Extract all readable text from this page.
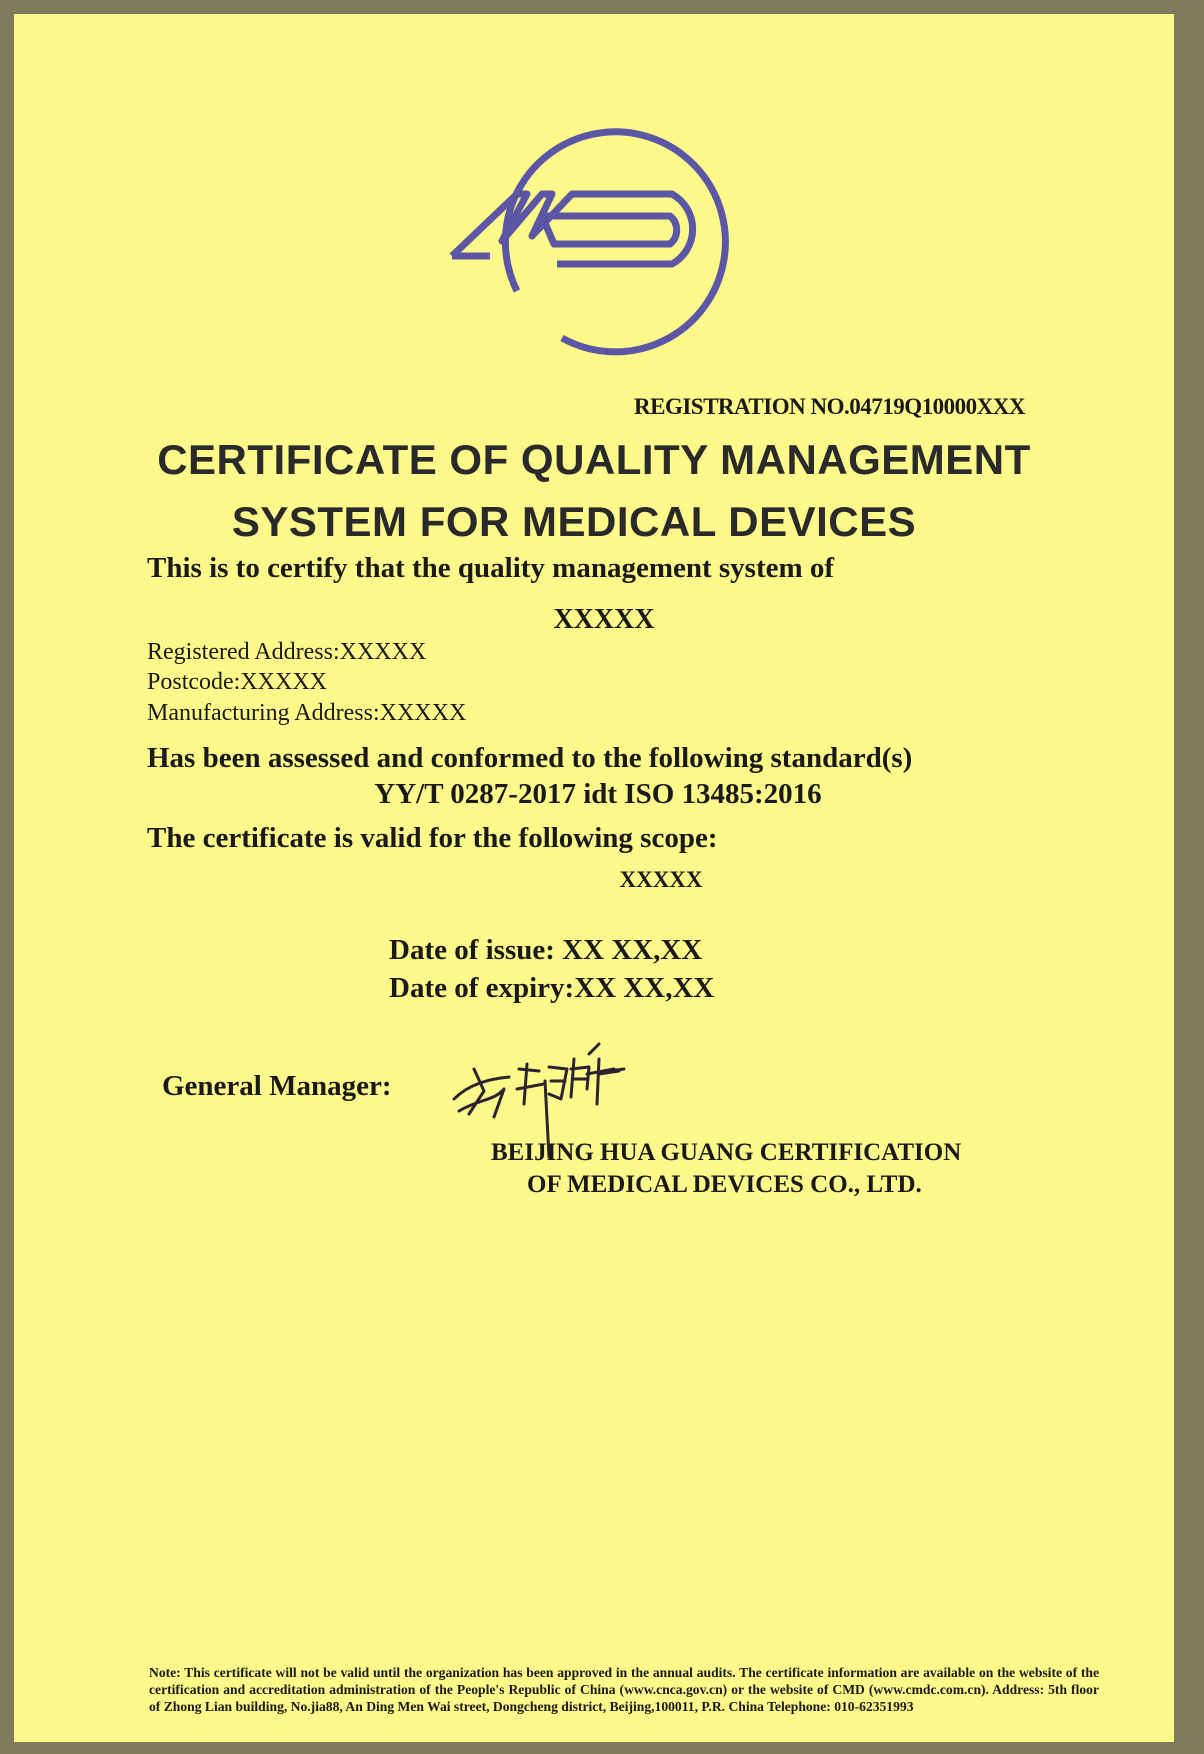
REGISTRATION NO.04719Q10000XXX
CERTIFICATE OF QUALITY MANAGEMENT
SYSTEM FOR MEDICAL DEVICES
This is to certify that the quality management system of
XXXXX
Registered Address:XXXXX
Postcode:XXXXX
Manufacturing Address:XXXXX
Has been assessed and conformed to the following standard(s)
YY/T 0287-2017 idt ISO 13485:2016
The certificate is valid for the following scope:
XXXXX
Date of issue: XX XX,XX
Date of expiry:XX XX,XX
General Manager:
BEIJING HUA GUANG CERTIFICATION
OF MEDICAL DEVICES CO., LTD.
Note: This certificate will not be valid until the organization has been approved in the annual audits. The certificate information are available on the website of the certification and accreditation administration of the People's Republic of China (www.cnca.gov.cn) or the website of CMD (www.cmdc.com.cn). Address: 5th floor of Zhong Lian building, No.jia88, An Ding Men Wai street, Dongcheng district, Beijing,100011, P.R. China Telephone: 010-62351993
